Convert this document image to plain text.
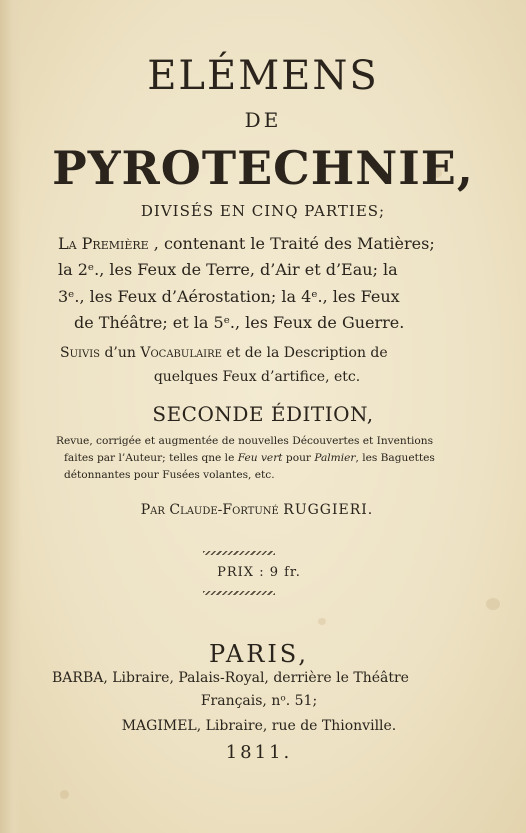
ELÉMENS
DE
PYROTECHNIE,
DIVISÉS EN CINQ PARTIES;
La Première , contenant le Traité des Matières;
la 2ᵉ., les Feux de Terre, d’Air et d’Eau; la
3ᵉ., les Feux d’Aérostation; la 4ᵉ., les Feux
de Théâtre; et la 5ᵉ., les Feux de Guerre.
Suivis d’un Vocabulaire et de la Description de
quelques Feux d’artifice, etc.
SECONDE ÉDITION,
Revue, corrigée et augmentée de nouvelles Découvertes et Inventions
faites par l’Auteur; telles qne le Feu vert pour Palmier, les Baguettes
détonnantes pour Fusées volantes, etc.
Par Claude-Fortuné RUGGIERI.
PRIX : 9 fr.
PARIS,
BARBA, Libraire, Palais-Royal, derrière le Théâtre
Français, nᵒ. 51;
MAGIMEL, Libraire, rue de Thionville.
1811.
